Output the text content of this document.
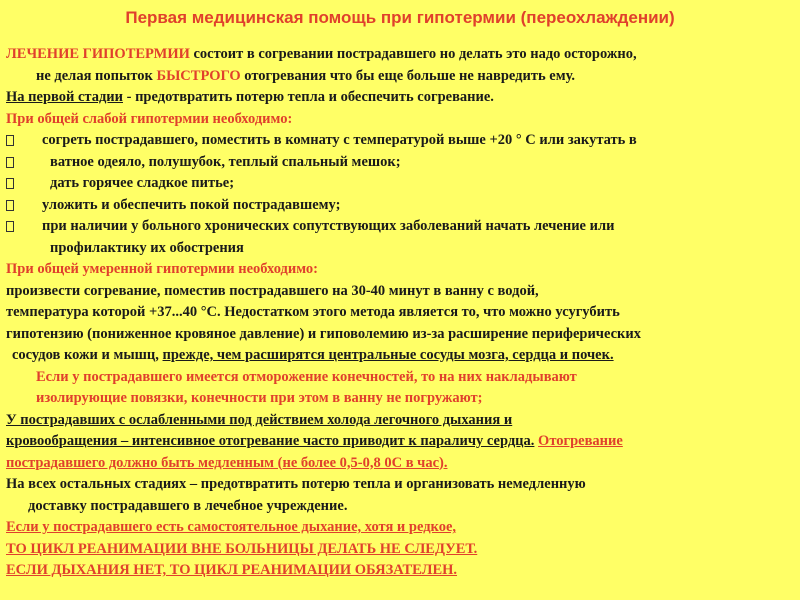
Первая медицинская помощь при гипотермии (переохлаждении)
ЛЕЧЕНИЕ ГИПОТЕРМИИ состоит в согревании пострадавшего но делать это надо осторожно,
не делая попыток БЫСТРОГО отогревания что бы еще больше не навредить ему.
На первой стадии - предотвратить потерю тепла и обеспечить согревание.
При общей слабой гипотермии необходимо:
согреть пострадавшего, поместить в комнату с температурой выше +20 ° С или закутать в
ватное одеяло, полушубок, теплый спальный мешок;
дать горячее сладкое питье;
уложить и обеспечить покой пострадавшему;
при наличии у больного хронических сопутствующих заболеваний начать лечение или
профилактику их обострения
При общей умеренной гипотермии необходимо:
произвести согревание, поместив пострадавшего на 30-40 минут в ванну с водой,
температура которой +37...40 °С. Недостатком этого метода является то, что можно усугубить
гипотензию (пониженное кровяное давление) и гиповолемию из-за расширение периферических
сосудов кожи и мышц, прежде, чем расширятся центральные сосуды мозга, сердца и почек.
Если у пострадавшего имеется отморожение конечностей, то на них накладывают
изолирующие повязки, конечности при этом в ванну не погружают;
У пострадавших с ослабленными под действием холода легочного дыхания и
кровообращения – интенсивное отогревание часто приводит к параличу сердца. Отогревание
пострадавшего должно быть медленным (не более 0,5-0,8 0С в час).
На всех остальных стадиях – предотвратить потерю тепла и организовать немедленную
доставку пострадавшего в лечебное учреждение.
Если у пострадавшего есть самостоятельное дыхание, хотя и редкое,
ТО ЦИКЛ РЕАНИМАЦИИ ВНЕ БОЛЬНИЦЫ ДЕЛАТЬ НЕ СЛЕДУЕТ.
ЕСЛИ ДЫХАНИЯ НЕТ, ТО ЦИКЛ РЕАНИМАЦИИ ОБЯЗАТЕЛЕН.
